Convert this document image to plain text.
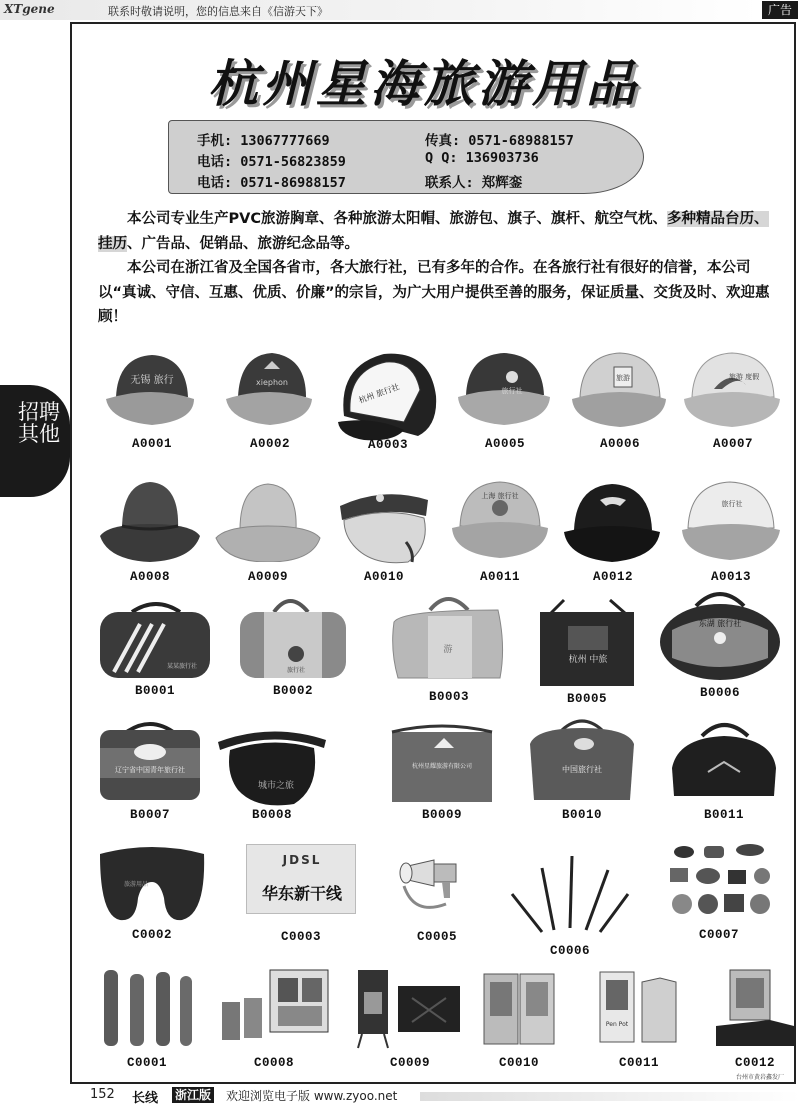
XTgene	联系时敬请说明，您的信息来自《信游天下》	广告
招聘其他
杭州星海旅游用品
手机: 13067777669	传真: 0571-68988157
电话: 0571-56823859	Q Q: 136903736
电话: 0571-86988157	联系人: 郑辉銮

本公司专业生产PVC旅游胸章、各种旅游太阳帽、旅游包、旗子、旗杆、航空气枕、多种精品台历、挂历、广告品、促销品、旅游纪念品等。

本公司在浙江省及全国各省市，各大旅行社，已有多年的合作。在各旅行社有很好的信誉，本公司以“真诚、守信、互惠、优质、价廉”的宗旨，为广大用户提供至善的服务，保证质量、交货及时、欢迎惠顾！

无锡 旅行
A0001
xiephon
A0002
杭州 旅行社
A0003
旅行社
A0005
旅游
A0006
旅游 度假
A0007
A0008	A0009	A0010
上海 旅行社
A0011	A0012
旅行社
A0013
某某旅行社
B0001
旅行社
B0002
游
B0003
杭州 中旅
B0005
东湖 旅行社
B0006
辽宁省中国青年旅行社
B0007
城市之旅
B0008
杭州星耀旅游有限公司
B0009
中国旅行社
B0010	B0011
旅游用品
C0002
JDSL
华东新干线
C0003	C0005
C0006
C0007
C0001	C0008	C0009	C0010
Pen Pot
C0011	C0012
台州市黄岩鑫发厂
152 长线 浙江版 欢迎浏览电子版 www.zyoo.net
